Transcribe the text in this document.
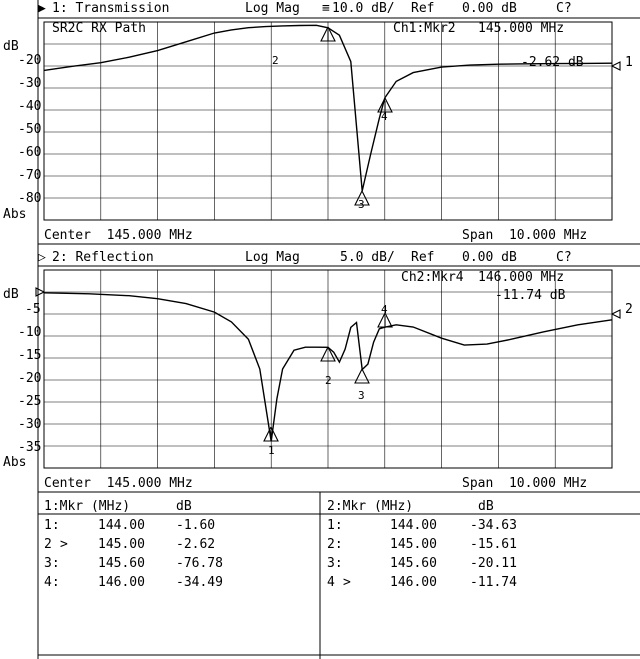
▶ 1: Transmission	Log Mag ≡ 10.0 dB/ Ref 0.00 dB	C?
dB
-20
-30
-40
-50
-60
-70
-80
Abs
SR2C RX Path	Ch1:Mkr2 145.000 MHz
-2.62 dB	1
Center  145.000 MHz	Span  10.000 MHz
▷ 2: Reflection	Log Mag	5.0 dB/ Ref 0.00 dB	C?
dB
-5
-10
-15
-20
-25
-30
-35
Abs
Ch2:Mkr4 146.000 MHz
-11.74 dB
2
Center  145.000 MHz	Span  10.000 MHz
1:Mkr (MHz)	dB
1:	144.00 -1.60
2 > 145.00 -2.62
3:	145.60 -76.78
4:	146.00 -34.49
2:Mkr (MHz)	dB
1:	144.00	-34.63
2:	145.00	-15.61
3:	145.60	-20.11
4 >	146.00	-11.74
2
3
4
1
2
3
4
